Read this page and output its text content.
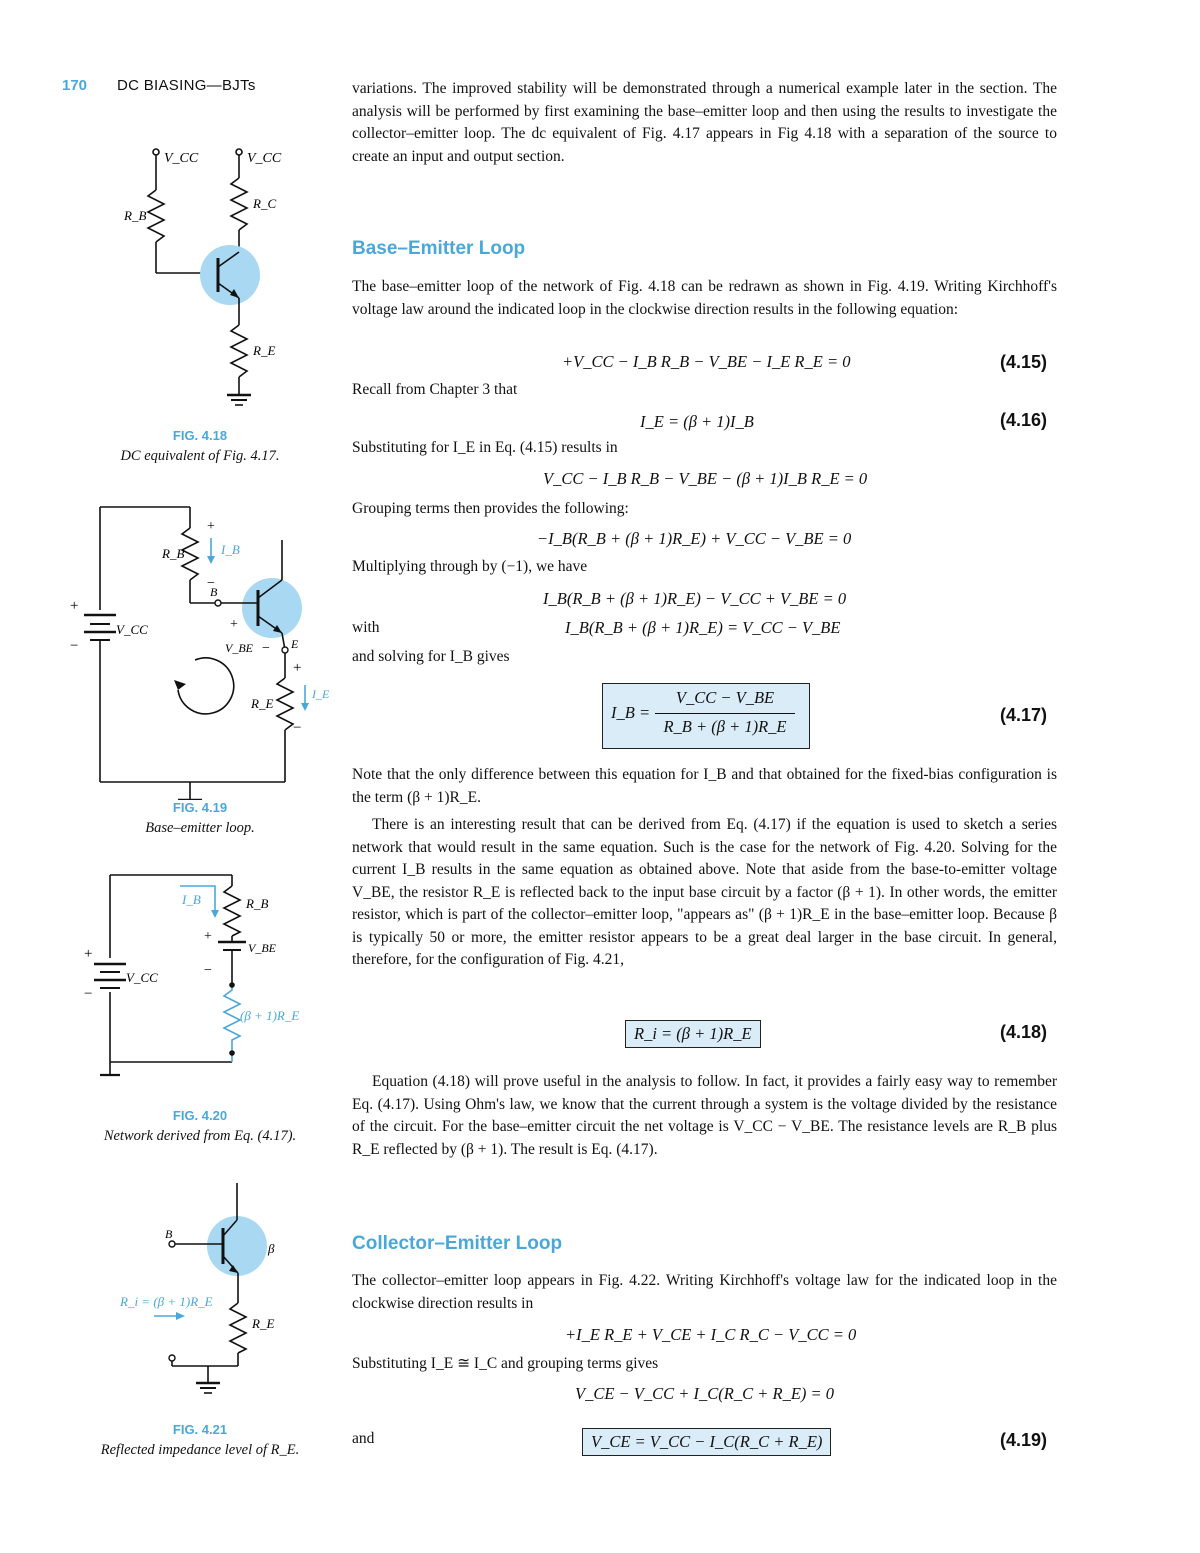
170 DC BIASING—BJTs
V_CC	V_CC
R_B
R_C
R_E
FIG. 4.18
DC equivalent of Fig. 4.17.
+
I_B
−
B
R_B
+
V_CC
−
+
V_BE − E
+
R_E
I_E
−
FIG. 4.19
Base–emitter loop.
I_B	R_B
+
V_BE
−
+
V_CC
−
(β + 1)R_E
FIG. 4.20
Network derived from Eq. (4.17).
B
β
R_i = (β + 1)R_E
R_E
FIG. 4.21
Reflected impedance level of R_E.

variations. The improved stability will be demonstrated through a numerical example later in the section. The analysis will be performed by first examining the base–emitter loop and then using the results to investigate the collector–emitter loop. The dc equivalent of Fig. 4.17 appears in Fig 4.18 with a separation of the source to create an input and output section.

Base–Emitter Loop

The base–emitter loop of the network of Fig. 4.18 can be redrawn as shown in Fig. 4.19. Writing Kirchhoff's voltage law around the indicated loop in the clockwise direction results in the following equation:

+V_CC − I_B R_B − V_BE − I_E R_E = 0	(4.15)
Recall from Chapter 3 that
I_E = (β + 1)I_B	(4.16)
Substituting for I_E in Eq. (4.15) results in
V_CC − I_B R_B − V_BE − (β + 1)I_B R_E = 0
Grouping terms then provides the following:
−I_B(R_B + (β + 1)R_E) + V_CC − V_BE = 0
Multiplying through by (−1), we have
I_B(R_B + (β + 1)R_E) − V_CC + V_BE = 0
with	I_B(R_B + (β + 1)R_E) = V_CC − V_BE
and solving for I_B gives
I_B =
V_CC − V_BE
R_B + (β + 1)R_E
(4.17)

Note that the only difference between this equation for I_B and that obtained for the fixed-bias configuration is the term (β + 1)R_E.

There is an interesting result that can be derived from Eq. (4.17) if the equation is used to sketch a series network that would result in the same equation. Such is the case for the network of Fig. 4.20. Solving for the current I_B results in the same equation as obtained above. Note that aside from the base-to-emitter voltage V_BE, the resistor R_E is reflected back to the input base circuit by a factor (β + 1). In other words, the emitter resistor, which is part of the collector–emitter loop, "appears as" (β + 1)R_E in the base–emitter loop. Because β is typically 50 or more, the emitter resistor appears to be a great deal larger in the base circuit. In general, therefore, for the configuration of Fig. 4.21,

R_i = (β + 1)R_E	(4.18)

Equation (4.18) will prove useful in the analysis to follow. In fact, it provides a fairly easy way to remember Eq. (4.17). Using Ohm's law, we know that the current through a system is the voltage divided by the resistance of the circuit. For the base–emitter circuit the net voltage is V_CC − V_BE. The resistance levels are R_B plus R_E reflected by (β + 1). The result is Eq. (4.17).

Collector–Emitter Loop

The collector–emitter loop appears in Fig. 4.22. Writing Kirchhoff's voltage law for the indicated loop in the clockwise direction results in

+I_E R_E + V_CE + I_C R_C − V_CC = 0
Substituting I_E ≅ I_C and grouping terms gives
V_CE − V_CC + I_C(R_C + R_E) = 0
and	V_CE = V_CC − I_C(R_C + R_E)	(4.19)
